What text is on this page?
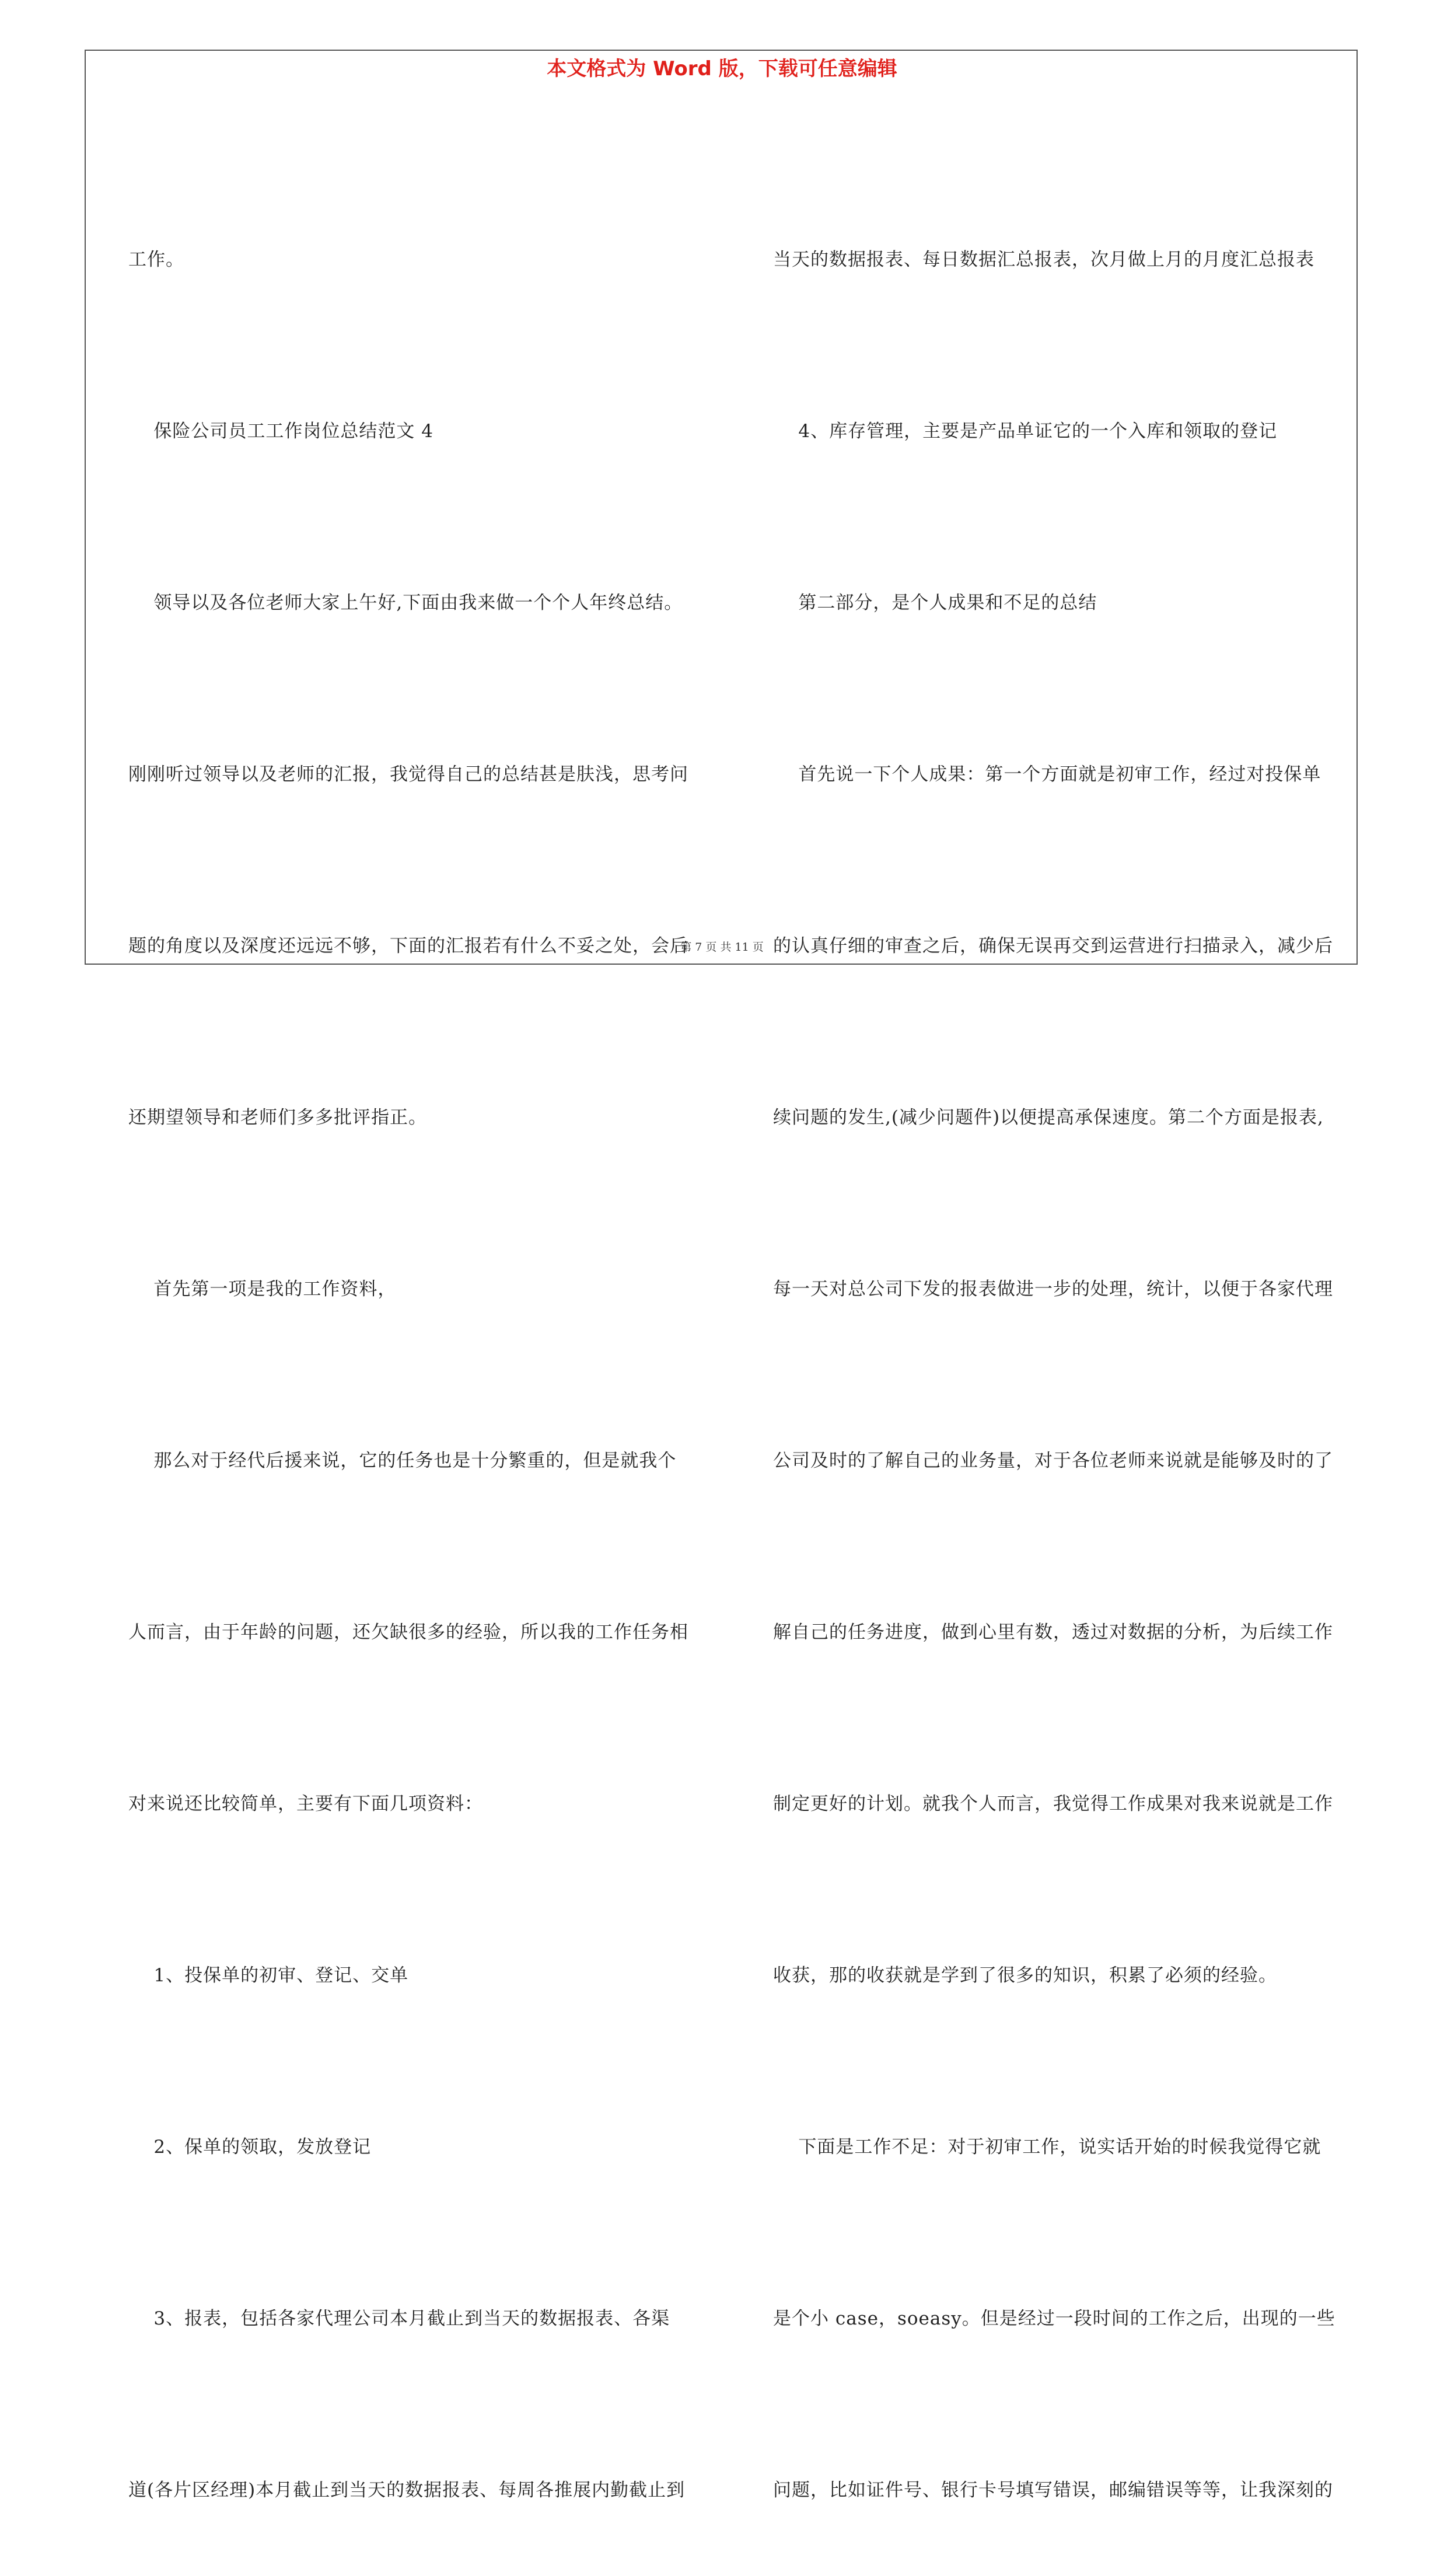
本文格式为 Word 版，下载可任意编辑

工作。

保险公司员工工作岗位总结范文 4

领导以及各位老师大家上午好,下面由我来做一个个人年终总结。

刚刚听过领导以及老师的汇报，我觉得自己的总结甚是肤浅，思考问

题的角度以及深度还远远不够，下面的汇报若有什么不妥之处，会后

还期望领导和老师们多多批评指正。

首先第一项是我的工作资料，

那么对于经代后援来说，它的任务也是十分繁重的，但是就我个

人而言，由于年龄的问题，还欠缺很多的经验，所以我的工作任务相

对来说还比较简单，主要有下面几项资料：

1、投保单的初审、登记、交单

2、保单的领取，发放登记

3、报表，包括各家代理公司本月截止到当天的数据报表、各渠

道(各片区经理)本月截止到当天的数据报表、每周各推展内勤截止到

当天的数据报表、每日数据汇总报表，次月做上月的月度汇总报表

4、库存管理，主要是产品单证它的一个入库和领取的登记

第二部分，是个人成果和不足的总结

首先说一下个人成果：第一个方面就是初审工作，经过对投保单

的认真仔细的审查之后，确保无误再交到运营进行扫描录入，减少后

续问题的发生,(减少问题件)以便提高承保速度。第二个方面是报表,

每一天对总公司下发的报表做进一步的处理，统计，以便于各家代理

公司及时的了解自己的业务量，对于各位老师来说就是能够及时的了

解自己的任务进度，做到心里有数，透过对数据的分析，为后续工作

制定更好的计划。就我个人而言，我觉得工作成果对我来说就是工作

收获，那的收获就是学到了很多的知识，积累了必须的经验。

下面是工作不足：对于初审工作，说实话开始的时候我觉得它就

是个小 case，soeasy。但是经过一段时间的工作之后，出现的一些

问题，比如证件号、银行卡号填写错误，邮编错误等等，让我深刻的

第 7 页 共 11 页
